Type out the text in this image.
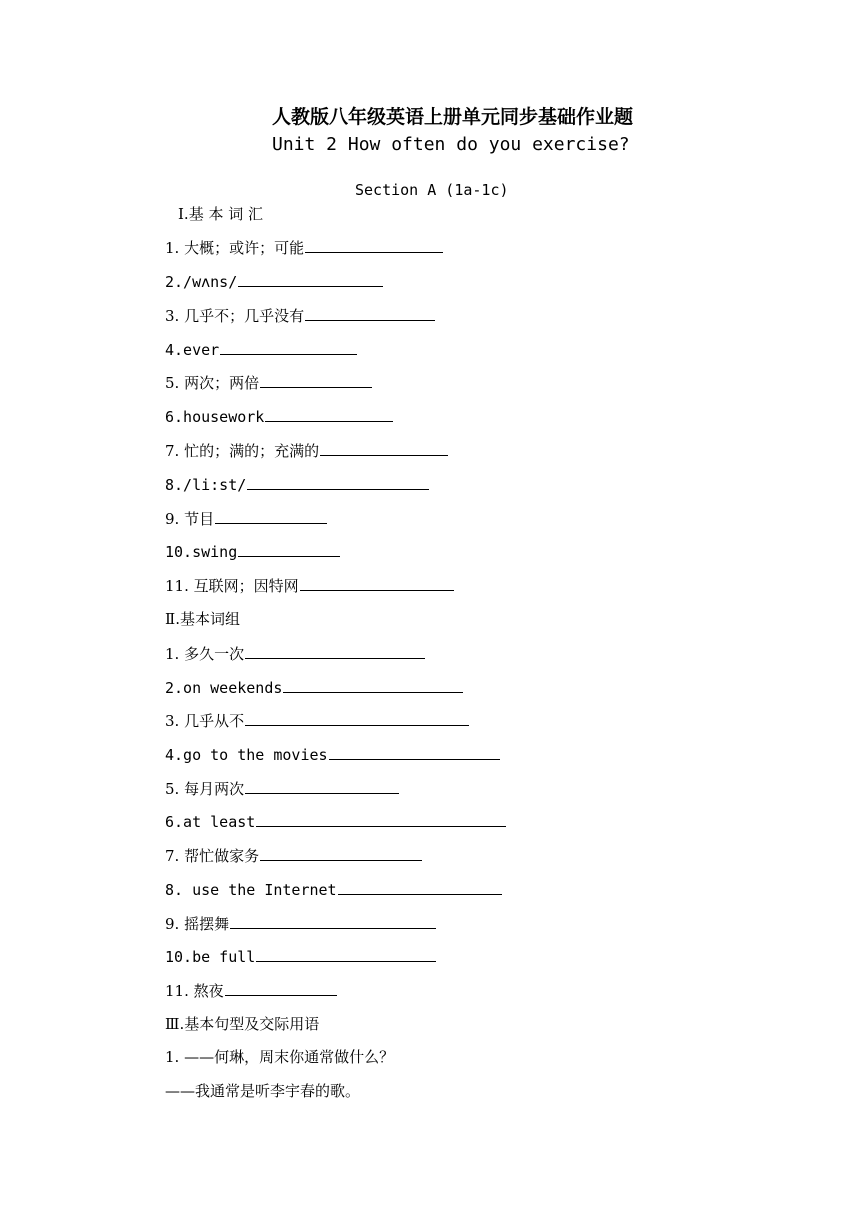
人教版八年级英语上册单元同步基础作业题
Unit 2 How often do you exercise?
Section A (1a-1c)
Ⅰ.基 本 词 汇
1. 大概；或许；可能
2./wʌns/
3. 几乎不；几乎没有
4.ever
5. 两次；两倍
6.housework
7. 忙的；满的；充满的
8./li:st/
9. 节目
10.swing
11. 互联网；因特网
Ⅱ.基本词组
1. 多久一次
2.on weekends
3. 几乎从不
4.go to the movies
5. 每月两次
6.at least
7. 帮忙做家务
8. use the Internet
9. 摇摆舞
10.be full
11. 熬夜
Ⅲ.基本句型及交际用语
1. ——何琳，周末你通常做什么？
——我通常是听李宇春的歌。
